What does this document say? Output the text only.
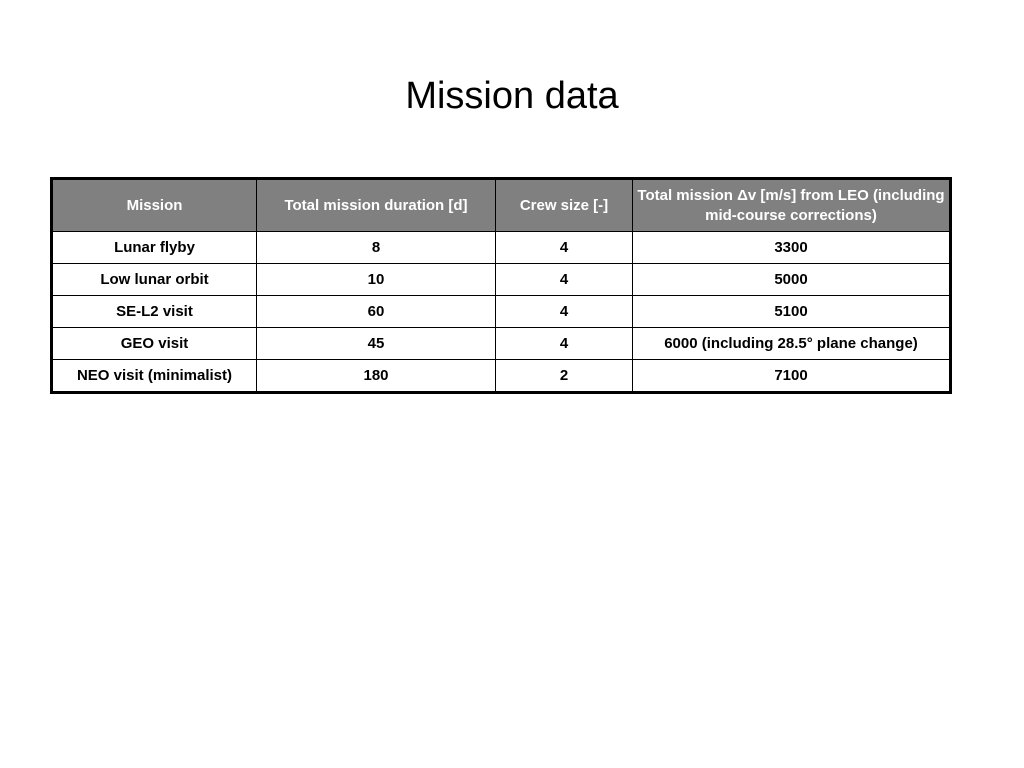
Mission data
Mission	Total mission duration [d]	Crew size [-]	Total mission Δv [m/s] from LEO (including mid-course corrections)
Lunar flyby	8	4	3300
Low lunar orbit	10	4	5000
SE-L2 visit	60	4	5100
GEO visit	45	4	6000 (including 28.5° plane change)
NEO visit (minimalist)	180	2	7100
